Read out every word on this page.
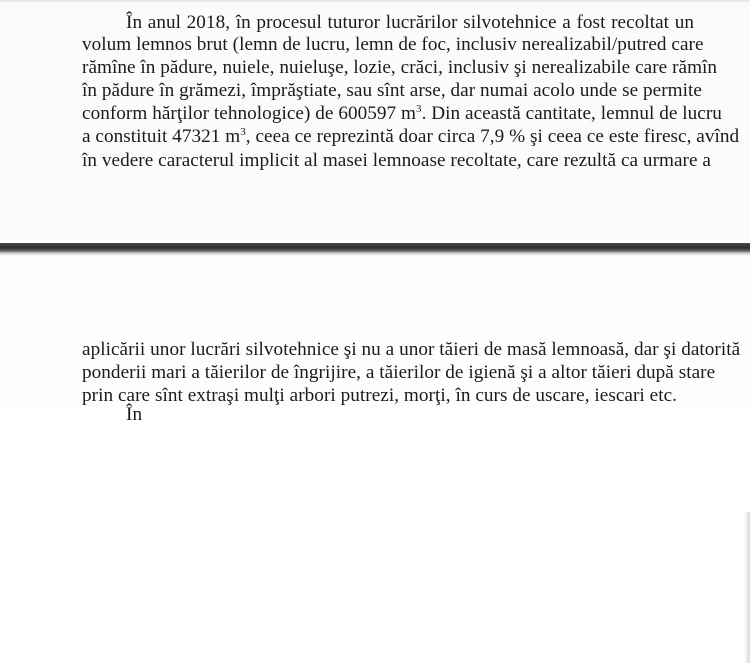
În anul 2018, în procesul tuturor lucrărilor silvotehnice a fost recoltat un
volum lemnos brut (lemn de lucru, lemn de foc, inclusiv nerealizabil/putred care
rămîne în pădure, nuiele, nuieluşe, lozie, crăci, inclusiv şi nerealizabile care rămîn
în pădure în grămezi, împrăştiate, sau sînt arse, dar numai acolo unde se permite
conform hărţilor tehnologice) de 600597 $m^3$. Din această cantitate, lemnul de lucru
a constituit 47321 $m^3$, ceea ce reprezintă doar circa 7,9 % şi ceea ce este firesc, avînd
în vedere caracterul implicit al masei lemnoase recoltate, care rezultă ca urmare a
aplicării unor lucrări silvotehnice şi nu a unor tăieri de masă lemnoasă, dar şi datorită
ponderii mari a tăierilor de îngrijire, a tăierilor de igienă şi a altor tăieri după stare
prin care sînt extraşi mulţi arbori putrezi, morţi, în curs de uscare, iescari etc.
În
